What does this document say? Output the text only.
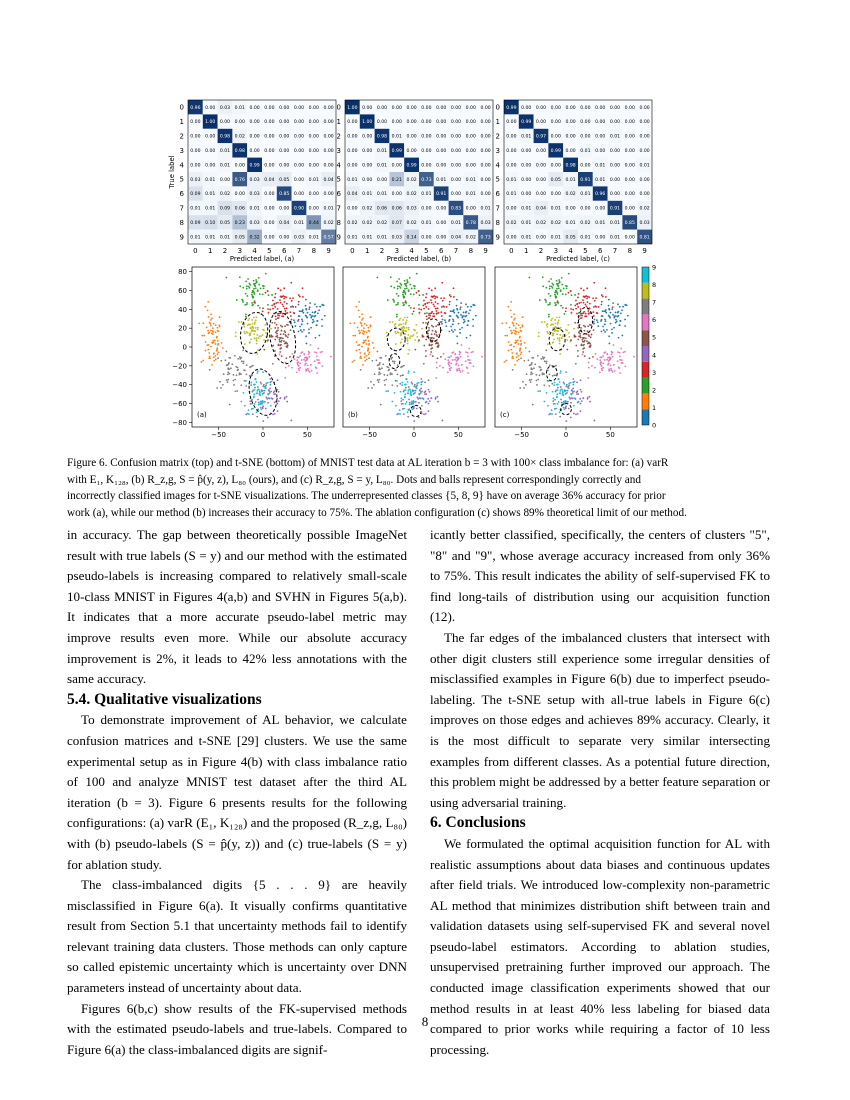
0.96 0.00 0.03 0.01 0.00 0.00 0.00 0.00 0.00 0.00
0.00 1.00 0.00 0.00 0.00 0.00 0.00 0.00 0.00 0.00
0.00 0.00 0.98 0.02 0.00 0.00 0.00 0.00 0.00 0.00
0.00 0.00 0.01 0.98 0.00 0.00 0.00 0.00 0.00 0.00
0.00 0.00 0.01 0.00 0.99 0.00 0.00 0.00 0.00 0.00
0.03 0.01 0.00 0.76 0.03 0.04 0.05 0.00 0.01 0.04
0.09 0.01 0.02 0.00 0.03 0.00 0.85 0.00 0.00 0.00
0.01 0.01 0.09 0.06 0.01 0.00 0.00 0.90 0.00 0.01
0.09 0.10 0.05 0.23 0.03 0.00 0.04 0.01 0.44 0.02
0.01 0.01 0.01 0.05 0.32 0.00 0.00 0.03 0.01 0.57
0
1
2
3
4
5
6
7
8
9
0 1 2 3 4 5 6 7 8 9
Predicted label, (a)
True label
1.00 0.00 0.00 0.00 0.00 0.00 0.00 0.00 0.00 0.00
0.00 1.00 0.00 0.00 0.00 0.00 0.00 0.00 0.00 0.00
0.00 0.00 0.98 0.01 0.00 0.00 0.00 0.00 0.00 0.00
0.00 0.00 0.01 0.99 0.00 0.00 0.00 0.00 0.00 0.00
0.00 0.00 0.01 0.00 0.99 0.00 0.00 0.00 0.00 0.00
0.01 0.00 0.00 0.21 0.02 0.73 0.01 0.00 0.01 0.00
0.04 0.01 0.01 0.00 0.02 0.01 0.91 0.00 0.01 0.00
0.00 0.02 0.06 0.06 0.03 0.00 0.00 0.83 0.00 0.01
0.02 0.02 0.02 0.07 0.02 0.01 0.00 0.01 0.78 0.03
0.01 0.01 0.01 0.03 0.14 0.00 0.00 0.04 0.02 0.73
0
1
2
3
4
5
6
7
8
9
0 1 2 3 4 5 6 7 8 9
Predicted label, (b)
0.99 0.00 0.00 0.00 0.00 0.00 0.00 0.00 0.00 0.00
0.00 0.99 0.00 0.00 0.00 0.00 0.00 0.00 0.00 0.00
0.00 0.01 0.97 0.00 0.00 0.00 0.00 0.01 0.00 0.00
0.00 0.00 0.00 0.99 0.00 0.01 0.00 0.00 0.00 0.00
0.00 0.00 0.00 0.00 0.98 0.00 0.01 0.00 0.00 0.01
0.01 0.00 0.00 0.05 0.01 0.91 0.01 0.00 0.00 0.00
0.01 0.00 0.00 0.00 0.02 0.01 0.96 0.00 0.00 0.00
0.00 0.01 0.04 0.01 0.00 0.00 0.00 0.91 0.00 0.02
0.02 0.01 0.02 0.02 0.01 0.02 0.01 0.01 0.85 0.03
0.00 0.01 0.00 0.01 0.05 0.01 0.00 0.01 0.00 0.81
0
1
2
3
4
5
6
7
8
9
0 1 2 3 4 5 6 7 8 9
Predicted label, (c)
(a)
−50	0	50
(b)
−50	0	50
(c)
−50	0	50
80
60
40
20
0
−20
−40
−60
−80
9
8
7
6
5
4
3
2
1
0
Figure 6. Confusion matrix (top) and t-SNE (bottom) of MNIST test data at AL iteration b = 3 with 100× class imbalance for: (a) varR
with E₁, K₁₂₈, (b) R_z,g, S = p̂(y, z), L₈₀ (ours), and (c) R_z,g, S = y, L₈₀. Dots and balls represent correspondingly correctly and
incorrectly classified images for t-SNE visualizations. The underrepresented classes {5, 8, 9} have on average 36% accuracy for prior
work (a), while our method (b) increases their accuracy to 75%. The ablation configuration (c) shows 89% theoretical limit of our method.

in accuracy. The gap between theoretically possible ImageNet result with true labels (S = y) and our method with the estimated pseudo-labels is increasing compared to relatively small-scale 10-class MNIST in Figures 4(a,b) and SVHN in Figures 5(a,b). It indicates that a more accurate pseudo-label metric may improve results even more. While our absolute accuracy improvement is 2%, it leads to 42% less annotations with the same accuracy.

5.4. Qualitative visualizations

To demonstrate improvement of AL behavior, we calculate confusion matrices and t-SNE [29] clusters. We use the same experimental setup as in Figure 4(b) with class imbalance ratio of 100 and analyze MNIST test dataset after the third AL iteration (b = 3). Figure 6 presents results for the following configurations: (a) varR (E₁, K₁₂₈) and the proposed (R_z,g, L₈₀) with (b) pseudo-labels (S = p̂(y, z)) and (c) true-labels (S = y) for ablation study.

The class-imbalanced digits {5 . . . 9} are heavily misclassified in Figure 6(a). It visually confirms quantitative result from Section 5.1 that uncertainty methods fail to identify relevant training data clusters. Those methods can only capture so called epistemic uncertainty which is uncertainty over DNN parameters instead of uncertainty about data.

Figures 6(b,c) show results of the FK-supervised methods with the estimated pseudo-labels and true-labels. Compared to Figure 6(a) the class-imbalanced digits are signif-

icantly better classified, specifically, the centers of clusters "5", "8" and "9", whose average accuracy increased from only 36% to 75%. This result indicates the ability of self-supervised FK to find long-tails of distribution using our acquisition function (12).

The far edges of the imbalanced clusters that intersect with other digit clusters still experience some irregular densities of misclassified examples in Figure 6(b) due to imperfect pseudo-labeling. The t-SNE setup with all-true labels in Figure 6(c) improves on those edges and achieves 89% accuracy. Clearly, it is the most difficult to separate very similar intersecting examples from different classes. As a potential future direction, this problem might be addressed by a better feature separation or using adversarial training.

6. Conclusions

We formulated the optimal acquisition function for AL with realistic assumptions about data biases and continuous updates after field trials. We introduced low-complexity non-parametric AL method that minimizes distribution shift between train and validation datasets using self-supervised FK and several novel pseudo-label estimators. According to ablation studies, unsupervised pretraining further improved our approach. The conducted image classification experiments showed that our method results in at least 40% less labeling for biased data compared to prior works while requiring a factor of 10 less processing.

8
